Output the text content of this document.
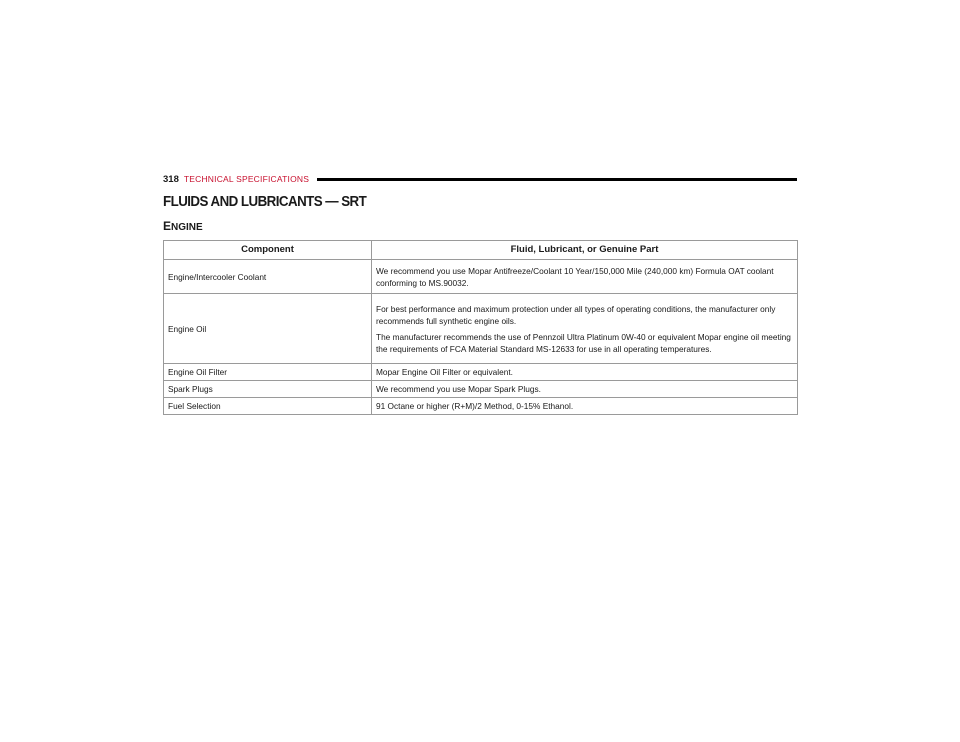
318 TECHNICAL SPECIFICATIONS
FLUIDS AND LUBRICANTS — SRT
ENGINE
Component	Fluid, Lubricant, or Genuine Part
Engine/Intercooler Coolant	We recommend you use Mopar Antifreeze/Coolant 10 Year/150,000 Mile (240,000 km) Formula OAT coolant conforming to MS.90032.

Engine Oil	For best performance and maximum protection under all types of operating conditions, the manufacturer only recommends full synthetic engine oils.

The manufacturer recommends the use of Pennzoil Ultra Platinum 0W-40 or equivalent Mopar engine oil meeting the requirements of FCA Material Standard MS-12633 for use in all operating temperatures.

Engine Oil Filter	Mopar Engine Oil Filter or equivalent.

Spark Plugs	We recommend you use Mopar Spark Plugs.

Fuel Selection	91 Octane or higher (R+M)/2 Method, 0-15% Ethanol.
